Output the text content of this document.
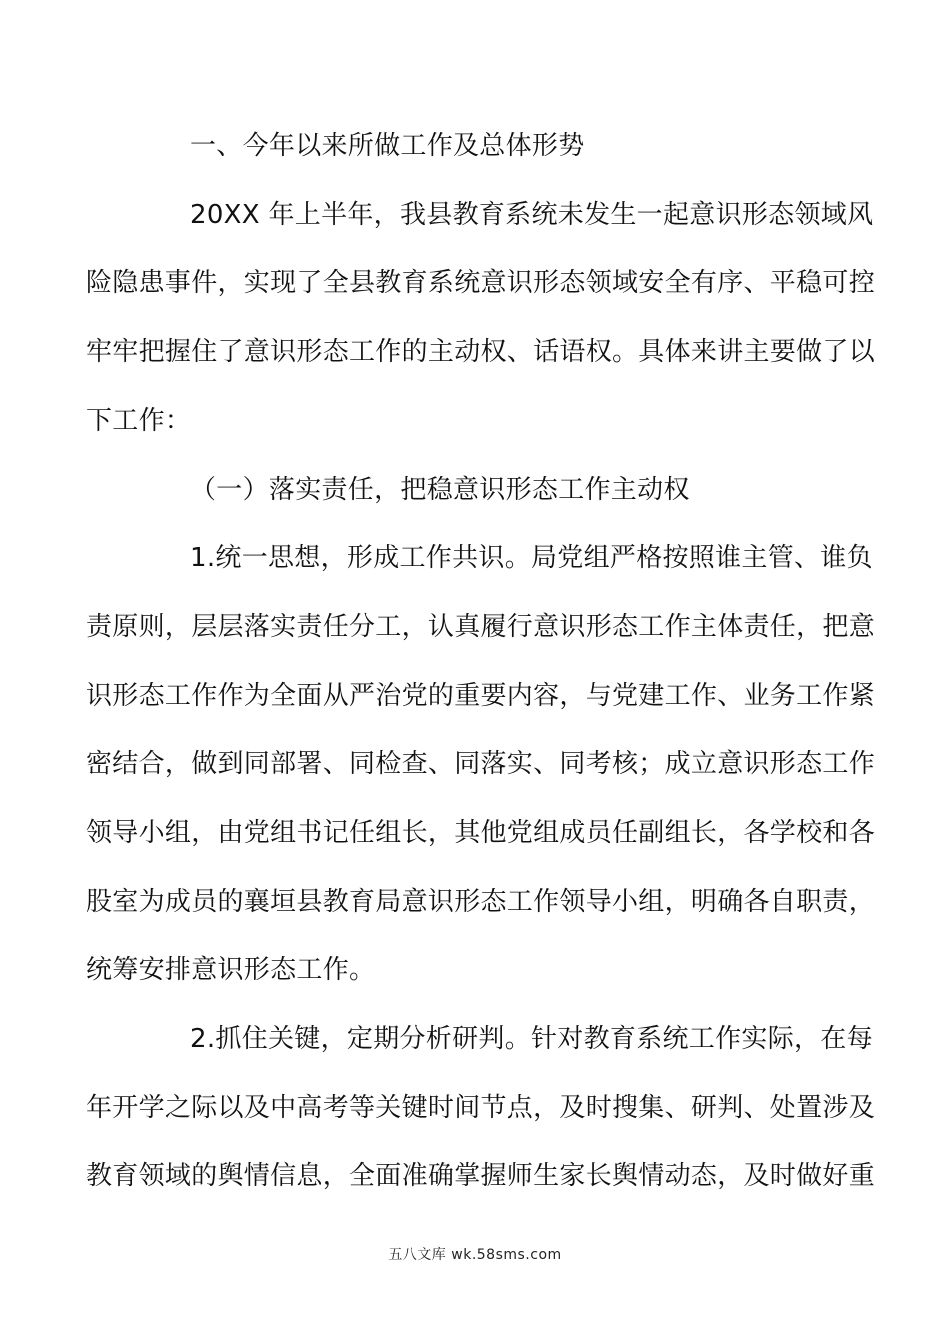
一、今年以来所做工作及总体形势
20XX 年上半年，我县教育系统未发生一起意识形态领域风
险隐患事件，实现了全县教育系统意识形态领域安全有序、平稳可控
牢牢把握住了意识形态工作的主动权、话语权。具体来讲主要做了以
下工作：
（一）落实责任，把稳意识形态工作主动权
1.统一思想，形成工作共识。局党组严格按照谁主管、谁负
责原则，层层落实责任分工，认真履行意识形态工作主体责任，把意
识形态工作作为全面从严治党的重要内容，与党建工作、业务工作紧
密结合，做到同部署、同检查、同落实、同考核；成立意识形态工作
领导小组，由党组书记任组长，其他党组成员任副组长，各学校和各
股室为成员的襄垣县教育局意识形态工作领导小组，明确各自职责，
统筹安排意识形态工作。
2.抓住关键，定期分析研判。针对教育系统工作实际，在每
年开学之际以及中高考等关键时间节点，及时搜集、研判、处置涉及
教育领域的舆情信息，全面准确掌握师生家长舆情动态，及时做好重
五八文库 wk.58sms.com
